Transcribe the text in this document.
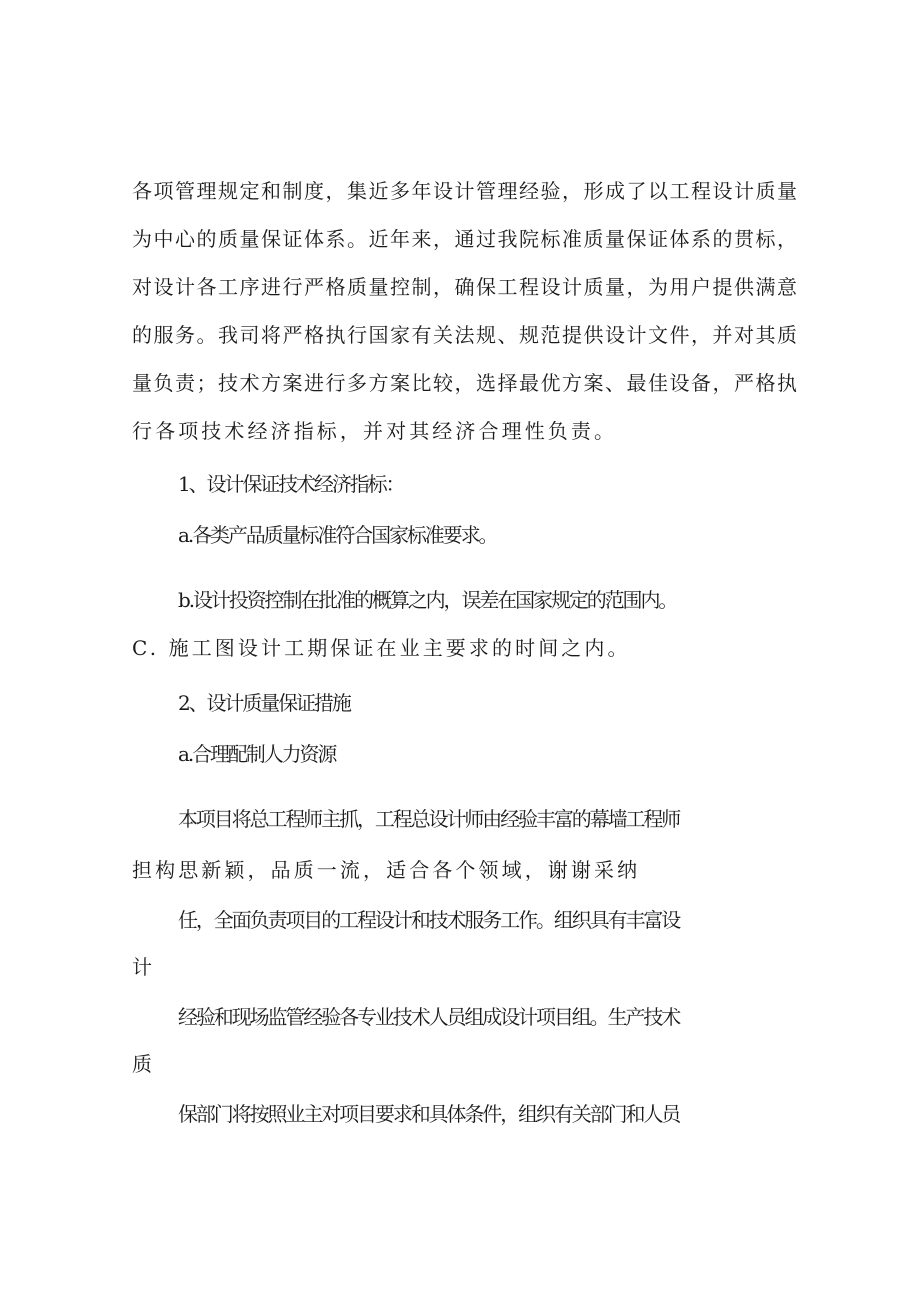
各项管理规定和制度，集近多年设计管理经验，形成了以工程设计质量

为中心的质量保证体系。近年来，通过我院标准质量保证体系的贯标，

对设计各工序进行严格质量控制，确保工程设计质量，为用户提供满意

的服务。我司将严格执行国家有关法规、规范提供设计文件，并对其质

量负责；技术方案进行多方案比较，选择最优方案、最佳设备，严格执

行各项技术经济指标，并对其经济合理性负责。

1、设计保证技术经济指标：

a.各类产品质量标准符合国家标准要求。

b.设计投资控制在批准的概算之内，误差在国家规定的范围内。

C. 施工图设计工期保证在业主要求的时间之内。

2、设计质量保证措施

a.合理配制人力资源

本项目将总工程师主抓，工程总设计师由经验丰富的幕墙工程师

担构思新颖，品质一流，适合各个领域，谢谢采纳

任，全面负责项目的工程设计和技术服务工作。组织具有丰富设

计

经验和现场监管经验各专业技术人员组成设计项目组。生产技术

质

保部门将按照业主对项目要求和具体条件，组织有关部门和人员
